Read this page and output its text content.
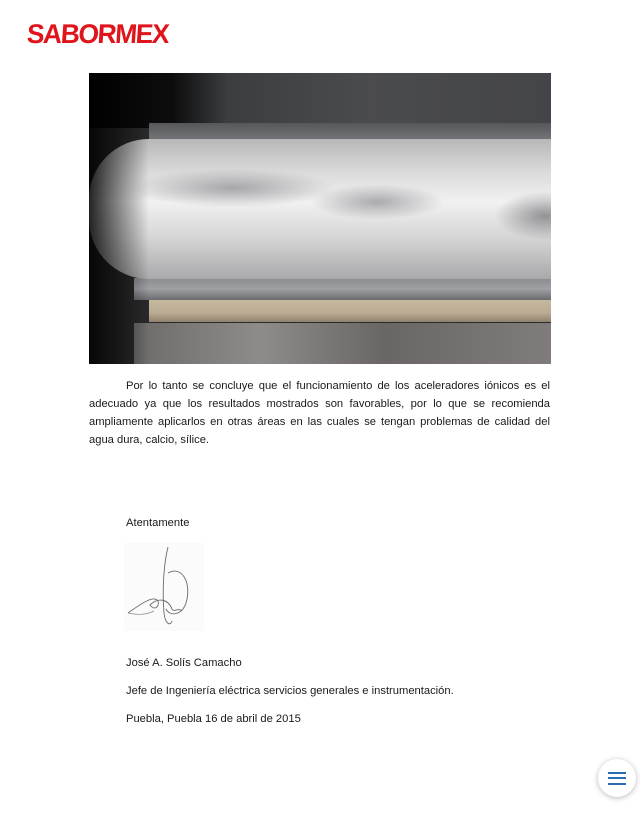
SABORMEX
Por lo tanto se concluye que el funcionamiento de los aceleradores iónicos es el adecuado ya que los resultados mostrados son favorables, por lo que se recomienda ampliamente aplicarlos en otras áreas en las cuales se tengan problemas de calidad del agua dura, calcio, sílice.
Atentamente
José A. Solís Camacho
Jefe de Ingeniería eléctrica servicios generales e instrumentación.
Puebla, Puebla 16 de abril de 2015
